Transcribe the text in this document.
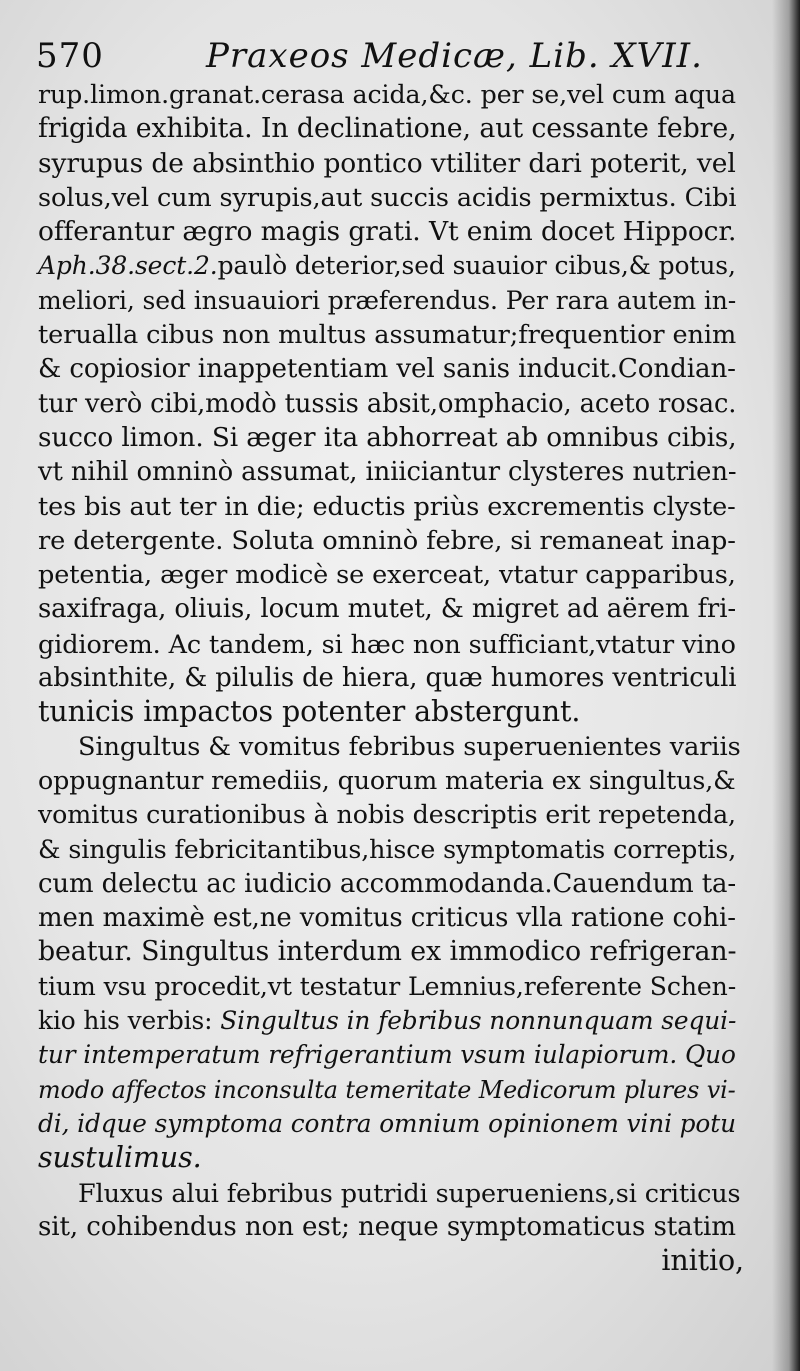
570	Praxeos Medicæ, Lib. XVII.
rup.limon.granat.cerasa acida,&c. per se,vel cum aqua
frigida exhibita. In declinatione, aut cessante febre,
syrupus de absinthio pontico vtiliter dari poterit, vel
solus,vel cum syrupis,aut succis acidis permixtus. Cibi
offerantur ægro magis grati. Vt enim docet Hippocr.
Aph.38.sect.2.paulò deterior,sed suauior cibus,& potus,
meliori, sed insuauiori præferendus. Per rara autem in-
terualla cibus non multus assumatur;frequentior enim
& copiosior inappetentiam vel sanis inducit.Condian-
tur verò cibi,modò tussis absit,omphacio, aceto rosac.
succo limon. Si æger ita abhorreat ab omnibus cibis,
vt nihil omninò assumat, iniiciantur clysteres nutrien-
tes bis aut ter in die; eductis priùs excrementis clyste-
re detergente. Soluta omninò febre, si remaneat inap-
petentia, æger modicè se exerceat, vtatur capparibus,
saxifraga, oliuis, locum mutet, & migret ad aërem fri-
gidiorem. Ac tandem, si hæc non sufficiant,vtatur vino
absinthite, & pilulis de hiera, quæ humores ventriculi
tunicis impactos potenter abstergunt.
Singultus & vomitus febribus superuenientes variis
oppugnantur remediis, quorum materia ex singultus,&
vomitus curationibus à nobis descriptis erit repetenda,
& singulis febricitantibus,hisce symptomatis correptis,
cum delectu ac iudicio accommodanda.Cauendum ta-
men maximè est,ne vomitus criticus vlla ratione cohi-
beatur. Singultus interdum ex immodico refrigeran-
tium vsu procedit,vt testatur Lemnius,referente Schen-
kio his verbis: Singultus in febribus nonnunquam sequi-
tur intemperatum refrigerantium vsum iulapiorum. Quo
modo affectos inconsulta temeritate Medicorum plures vi-
di, idque symptoma contra omnium opinionem vini potu
sustulimus.
Fluxus alui febribus putridi superueniens,si criticus
sit, cohibendus non est; neque symptomaticus statim
initio,
